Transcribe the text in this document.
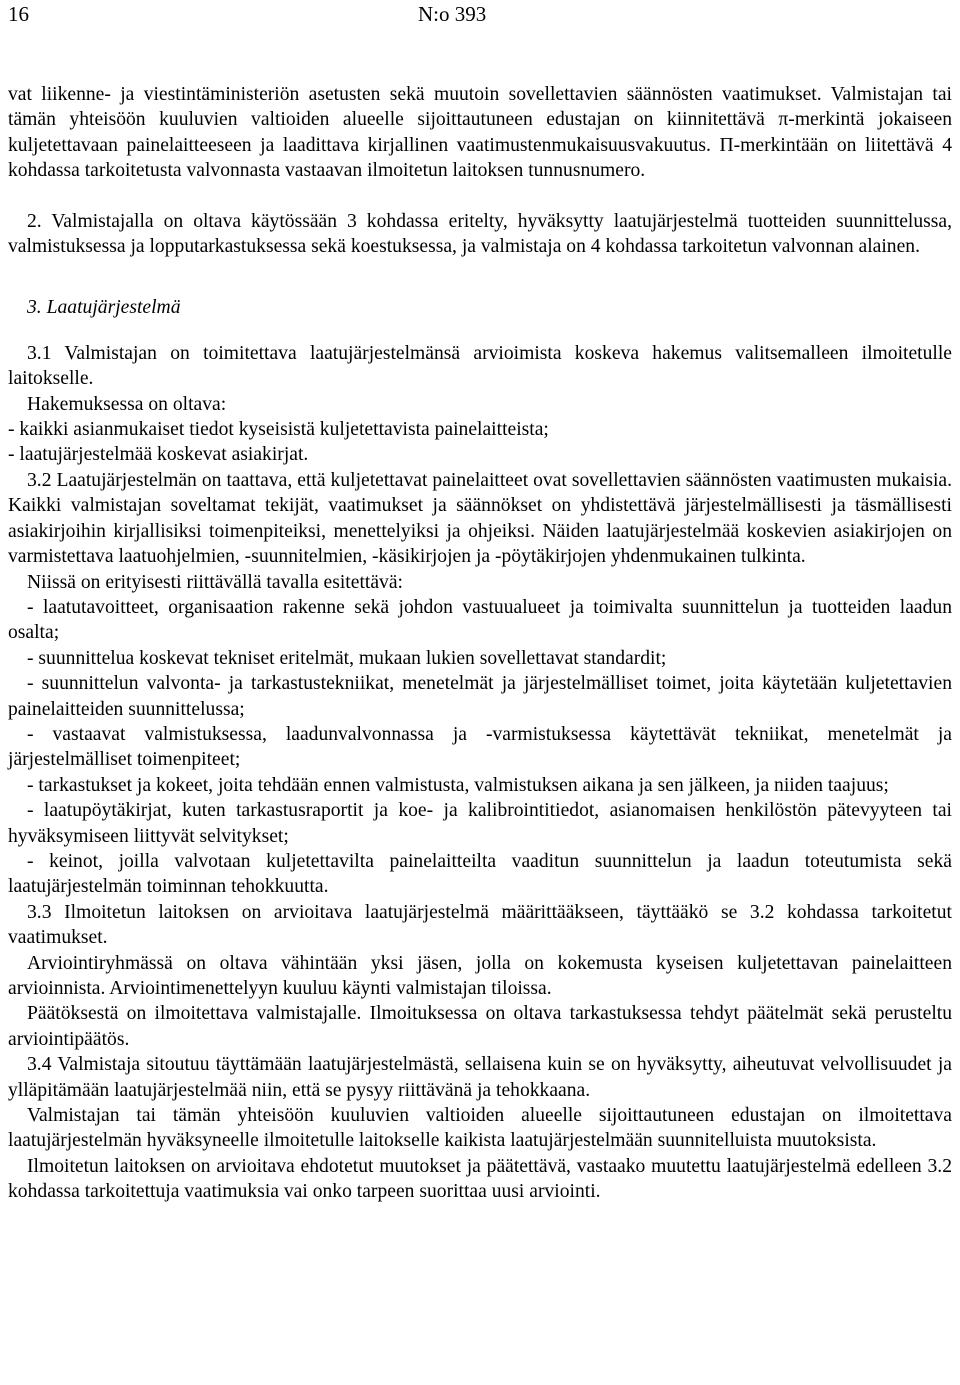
16	N:o 393

vat liikenne- ja viestintäministeriön asetusten sekä muutoin sovellettavien säännösten vaatimukset. Valmistajan tai tämän yhteisöön kuuluvien valtioiden alueelle sijoittautuneen edustajan on kiinnitettävä π-merkintä jokaiseen kuljetettavaan painelaitteeseen ja laadittava kirjallinen vaatimustenmukaisuusvakuutus. Π-merkintään on liitettävä 4 kohdassa tarkoitetusta valvonnasta vastaavan ilmoitetun laitoksen tunnusnumero.

2. Valmistajalla on oltava käytössään 3 kohdassa eritelty, hyväksytty laatujärjestelmä tuotteiden suunnittelussa, valmistuksessa ja lopputarkastuksessa sekä koestuksessa, ja valmistaja on 4 kohdassa tarkoitetun valvonnan alainen.

3. Laatujärjestelmä

3.1 Valmistajan on toimitettava laatujärjestelmänsä arvioimista koskeva hakemus valitsemalleen ilmoitetulle laitokselle.

Hakemuksessa on oltava:

- kaikki asianmukaiset tiedot kyseisistä kuljetettavista painelaitteista;

- laatujärjestelmää koskevat asiakirjat.

3.2 Laatujärjestelmän on taattava, että kuljetettavat painelaitteet ovat sovellettavien säännösten vaatimusten mukaisia. Kaikki valmistajan soveltamat tekijät, vaatimukset ja säännökset on yhdistettävä järjestelmällisesti ja täsmällisesti asiakirjoihin kirjallisiksi toimenpiteiksi, menettelyiksi ja ohjeiksi. Näiden laatujärjestelmää koskevien asiakirjojen on varmistettava laatuohjelmien, -suunnitelmien, -käsikirjojen ja -pöytäkirjojen yhdenmukainen tulkinta.

Niissä on erityisesti riittävällä tavalla esitettävä:

- laatutavoitteet, organisaation rakenne sekä johdon vastuualueet ja toimivalta suunnittelun ja tuotteiden laadun osalta;

- suunnittelua koskevat tekniset eritelmät, mukaan lukien sovellettavat standardit;

- suunnittelun valvonta- ja tarkastustekniikat, menetelmät ja järjestelmälliset toimet, joita käytetään kuljetettavien painelaitteiden suunnittelussa;

- vastaavat valmistuksessa, laadunvalvonnassa ja -varmistuksessa käytettävät tekniikat, menetelmät ja järjestelmälliset toimenpiteet;

- tarkastukset ja kokeet, joita tehdään ennen valmistusta, valmistuksen aikana ja sen jälkeen, ja niiden taajuus;

- laatupöytäkirjat, kuten tarkastusraportit ja koe- ja kalibrointitiedot, asianomaisen henkilöstön pätevyyteen tai hyväksymiseen liittyvät selvitykset;

- keinot, joilla valvotaan kuljetettavilta painelaitteilta vaaditun suunnittelun ja laadun toteutumista sekä laatujärjestelmän toiminnan tehokkuutta.

3.3 Ilmoitetun laitoksen on arvioitava laatujärjestelmä määrittääkseen, täyttääkö se 3.2 kohdassa tarkoitetut vaatimukset.

Arviointiryhmässä on oltava vähintään yksi jäsen, jolla on kokemusta kyseisen kuljetettavan painelaitteen arvioinnista. Arviointimenettelyyn kuuluu käynti valmistajan tiloissa.

Päätöksestä on ilmoitettava valmistajalle. Ilmoituksessa on oltava tarkastuksessa tehdyt päätelmät sekä perusteltu arviointipäätös.

3.4 Valmistaja sitoutuu täyttämään laatujärjestelmästä, sellaisena kuin se on hyväksytty, aiheutuvat velvollisuudet ja ylläpitämään laatujärjestelmää niin, että se pysyy riittävänä ja tehokkaana.

Valmistajan tai tämän yhteisöön kuuluvien valtioiden alueelle sijoittautuneen edustajan on ilmoitettava laatujärjestelmän hyväksyneelle ilmoitetulle laitokselle kaikista laatujärjestelmään suunnitelluista muutoksista.

Ilmoitetun laitoksen on arvioitava ehdotetut muutokset ja päätettävä, vastaako muutettu laatujärjestelmä edelleen 3.2 kohdassa tarkoitettuja vaatimuksia vai onko tarpeen suorittaa uusi arviointi.
